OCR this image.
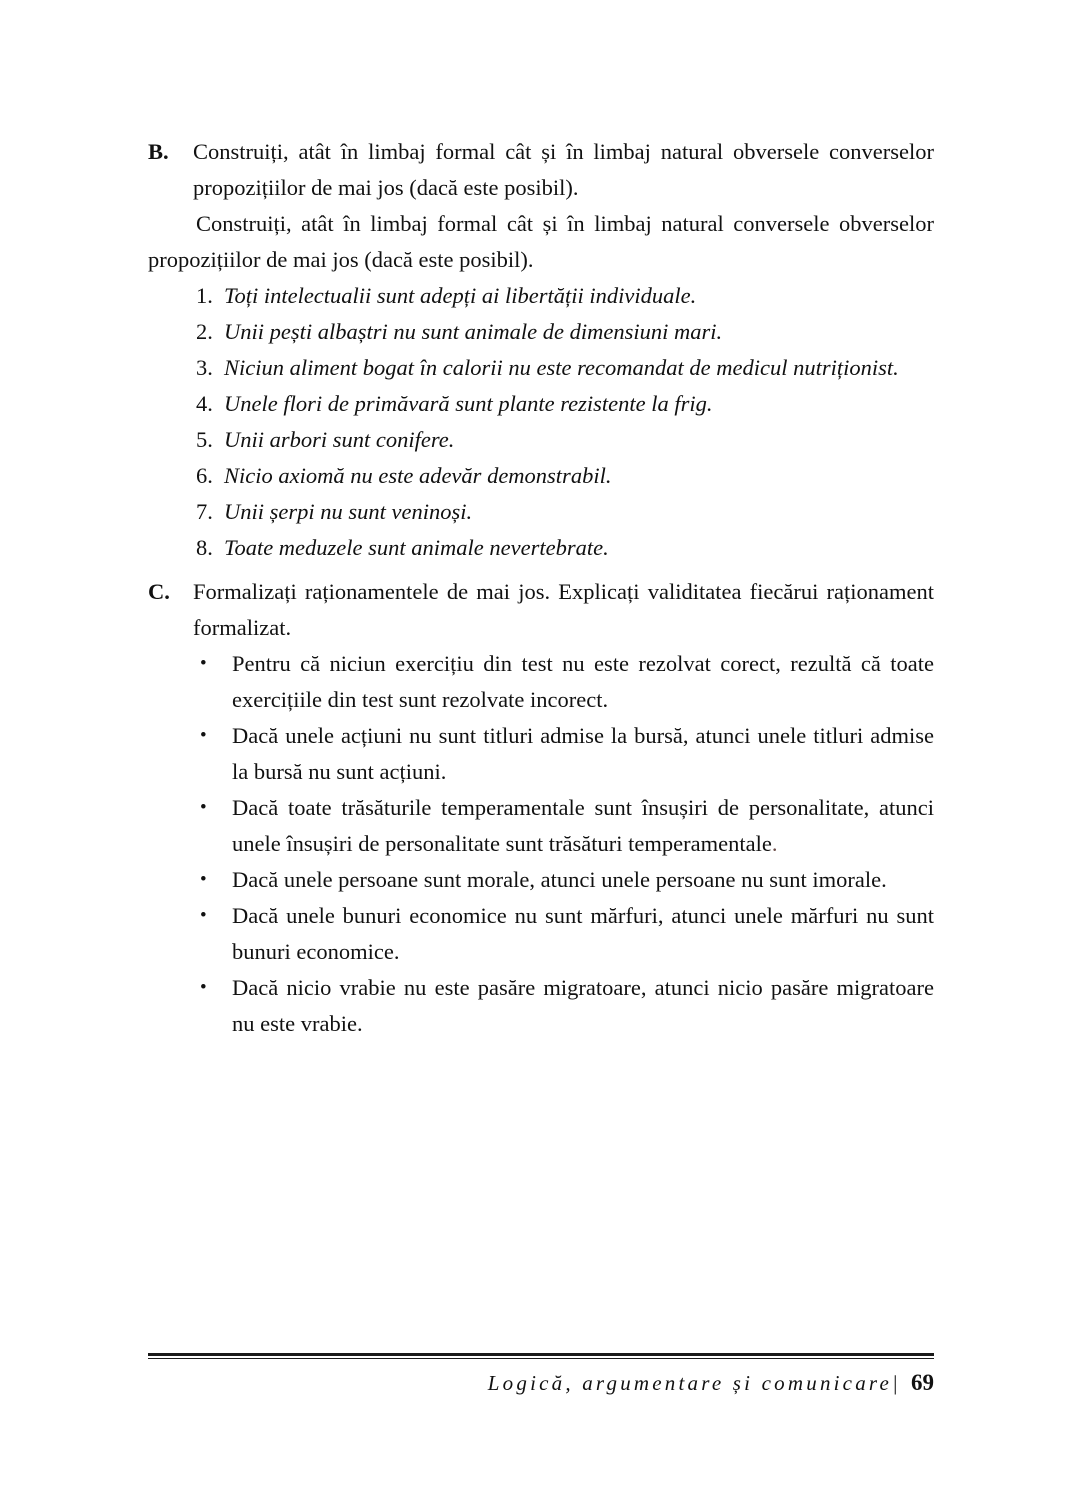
B.	Construiți, atât în limbaj formal cât și în limbaj natural obversele converselor propozițiilor de mai jos (dacă este posibil).

Construiți, atât în limbaj formal cât și în limbaj natural conversele obverselor propozițiilor de mai jos (dacă este posibil).

1. Toți intelectualii sunt adepți ai libertății individuale.
2. Unii pești albaștri nu sunt animale de dimensiuni mari.
3. Niciun aliment bogat în calorii nu este recomandat de medicul nutriționist.
4. Unele flori de primăvară sunt plante rezistente la frig.
5. Unii arbori sunt conifere.
6. Nicio axiomă nu este adevăr demonstrabil.
7. Unii șerpi nu sunt veninoși.
8. Toate meduzele sunt animale nevertebrate.
C.	Formalizați raționamentele de mai jos. Explicați validitatea fiecărui raționament formalizat.
•	Pentru că niciun exercițiu din test nu este rezolvat corect, rezultă că toate exercițiile din test sunt rezolvate incorect.
•	Dacă unele acțiuni nu sunt titluri admise la bursă, atunci unele titluri admise la bursă nu sunt acțiuni.
•	Dacă toate trăsăturile temperamentale sunt însușiri de personalitate, atunci unele însușiri de personalitate sunt trăsături temperamentale.
•	Dacă unele persoane sunt morale, atunci unele persoane nu sunt imorale.
•	Dacă unele bunuri economice nu sunt mărfuri, atunci unele mărfuri nu sunt bunuri economice.
•	Dacă nicio vrabie nu este pasăre migratoare, atunci nicio pasăre migratoare nu este vrabie.

Logică, argumentare și comunicare| 69
